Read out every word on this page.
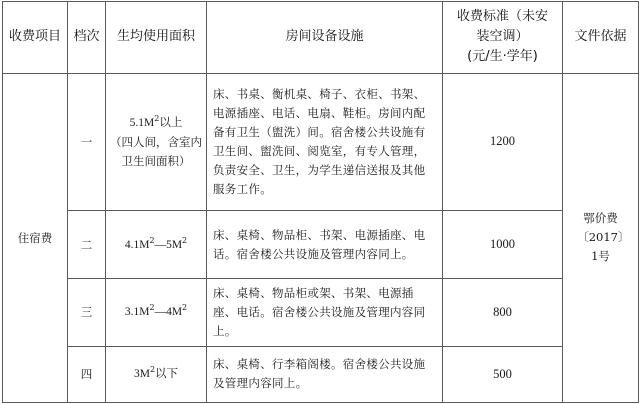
收费项目	档次	生均使用面积	房间设备设施	收费标准（未安
装空调）
(元/生·学年)	文件依据
住宿费	一	$5.1M^2$以上
（四人间，含室内卫生间面积）	床、书桌、衡机桌、椅子、衣柜、书架、电源插座、电话、电扇、鞋柜。房间内配备有卫生（盥洗）间。宿舍楼公共设施有卫生间、盥洗间、阅览室，有专人管理，负责安全、卫生，为学生递信送报及其他服务工作。	1200	鄂价费〔2017〕1号
	二	$4.1M^2—5M^2$	床、桌椅、物品柜、书架、电源插座、电话。宿舍楼公共设施及管理内容同上。	1000	
	三	$3.1M^2—4M^2$	床、桌椅、物品柜或架、书架、电源插座、电话。宿舍楼公共设施及管理内容同上。	800	
	四	$3M^2$以下	床、桌椅、行李箱阁楼。宿舍楼公共设施及管理内容同上。	500	
